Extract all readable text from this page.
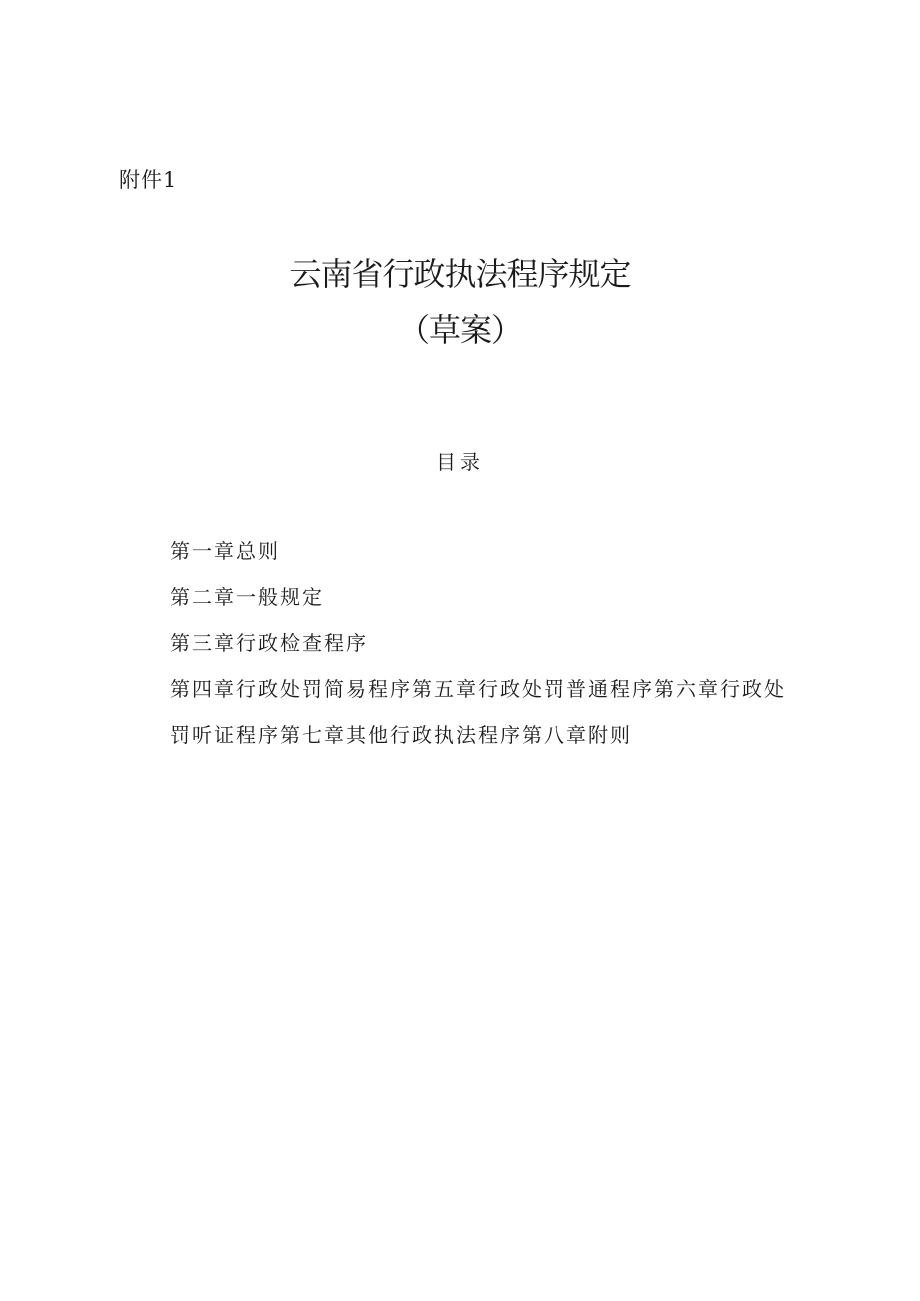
附件1
云南省行政执法程序规定
（草案）
目录
第一章总则
第二章一般规定
第三章行政检查程序
第四章行政处罚简易程序第五章行政处罚普通程序第六章行政处罚听证程序第七章其他行政执法程序第八章附则
